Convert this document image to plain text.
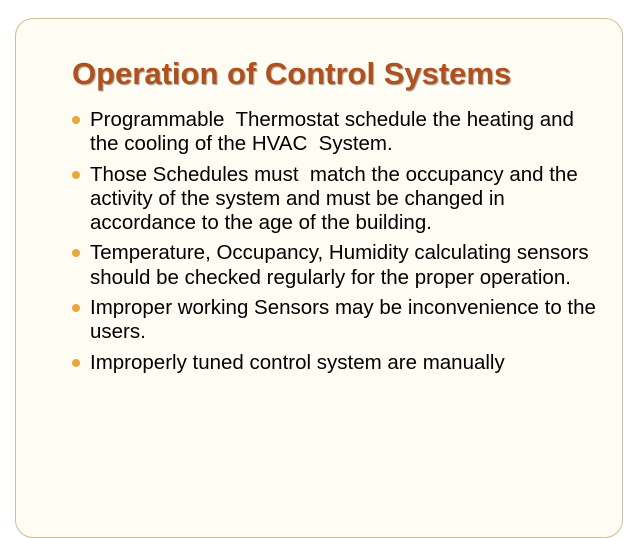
Operation of Control Systems
Programmable  Thermostat schedule the heating and the cooling of the HVAC  System.
Those Schedules must  match the occupancy and the activity of the system and must be changed in accordance to the age of the building.
Temperature, Occupancy, Humidity calculating sensors should be checked regularly for the proper operation.
Improper working Sensors may be inconvenience to the users.
Improperly tuned control system are manually
